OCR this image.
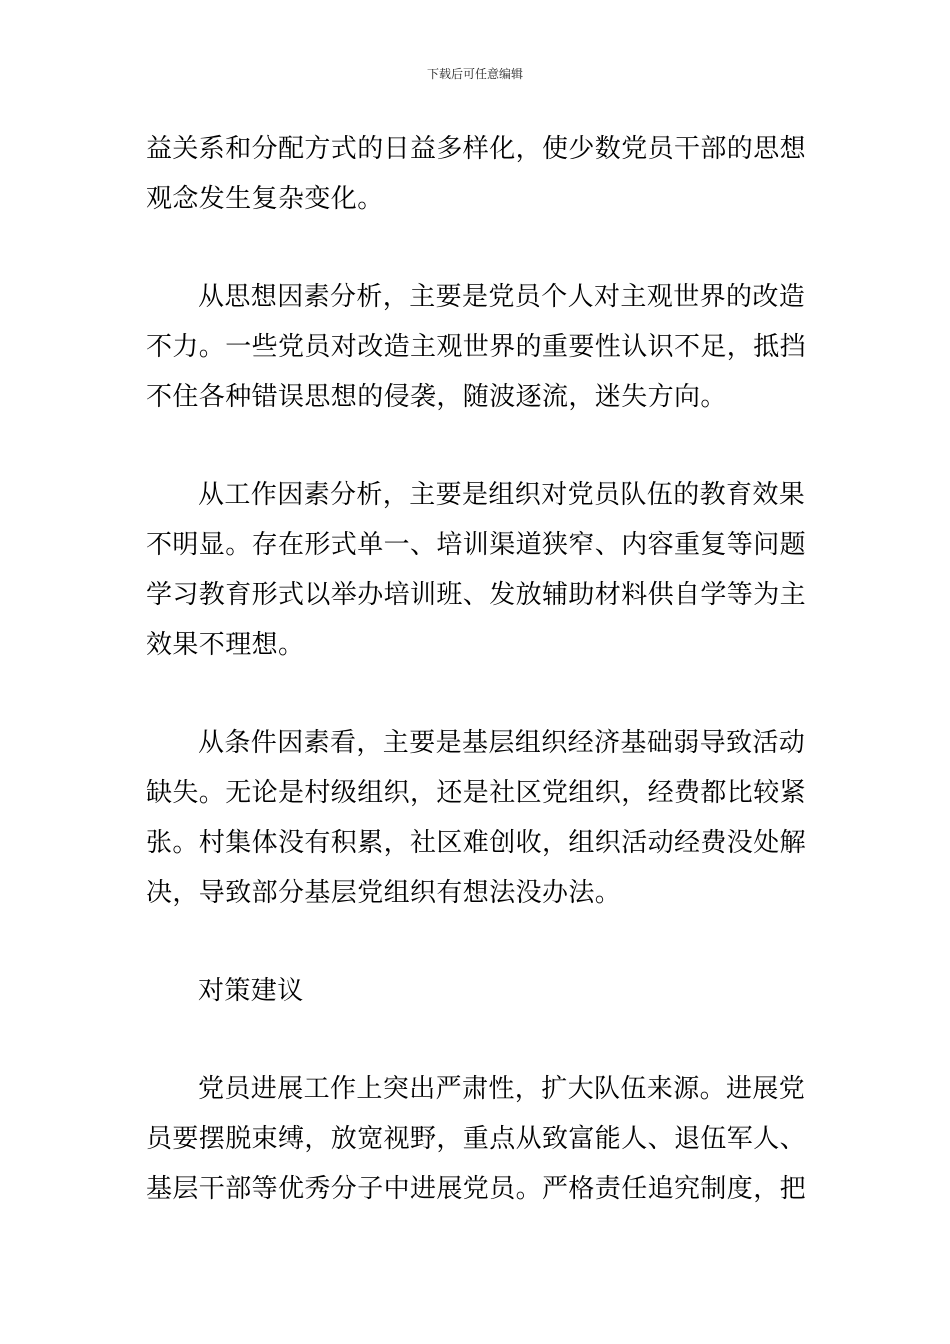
下载后可任意编辑
益关系和分配方式的日益多样化，使少数党员干部的思想
观念发生复杂变化。
从思想因素分析，主要是党员个人对主观世界的改造
不力。一些党员对改造主观世界的重要性认识不足，抵挡
不住各种错误思想的侵袭，随波逐流，迷失方向。
从工作因素分析，主要是组织对党员队伍的教育效果
不明显。存在形式单一、培训渠道狭窄、内容重复等问题
学习教育形式以举办培训班、发放辅助材料供自学等为主
效果不理想。
从条件因素看，主要是基层组织经济基础弱导致活动
缺失。无论是村级组织，还是社区党组织，经费都比较紧
张。村集体没有积累，社区难创收，组织活动经费没处解
决，导致部分基层党组织有想法没办法。
对策建议
党员进展工作上突出严肃性，扩大队伍来源。进展党
员要摆脱束缚，放宽视野，重点从致富能人、退伍军人、
基层干部等优秀分子中进展党员。严格责任追究制度，把
